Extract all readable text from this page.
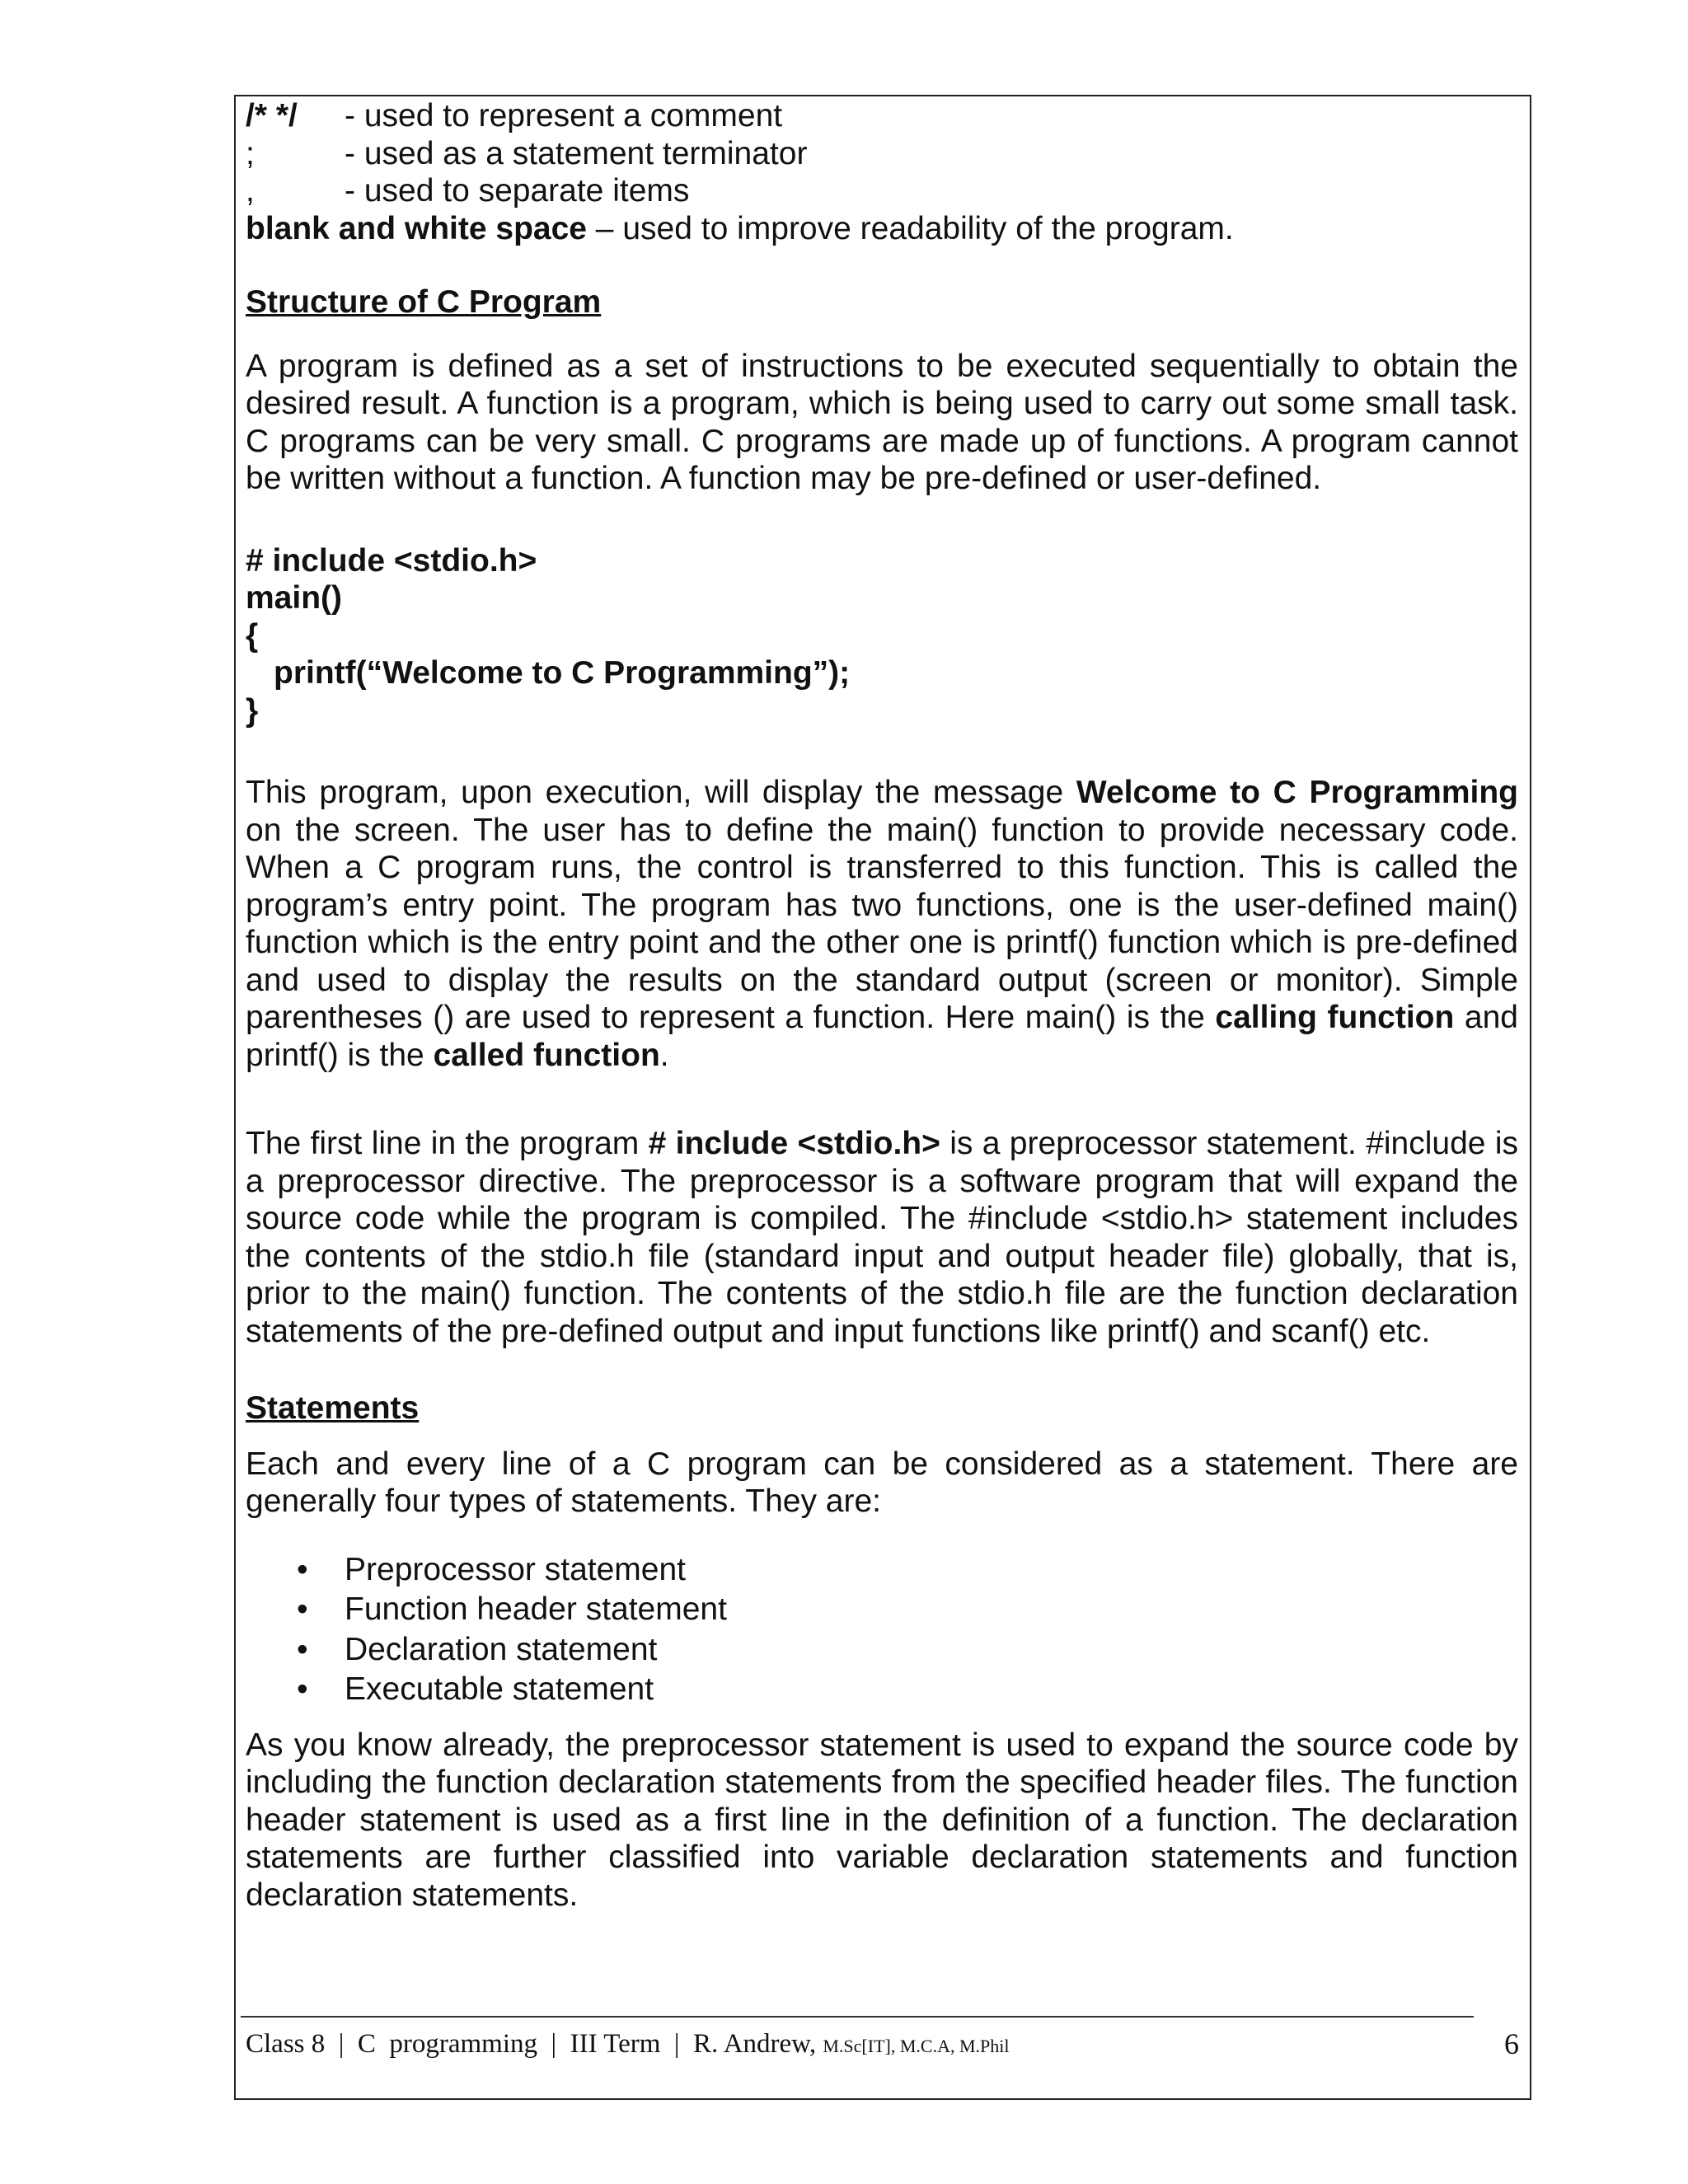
/* */	- used to represent a comment
;	- used as a statement terminator
,	- used to separate items

blank and white space – used to improve readability of the program.

Structure of C Program

A program is defined as a set of instructions to be executed sequentially to obtain the desired result. A function is a program, which is being used to carry out some small task. C programs can be very small. C programs are made up of functions. A program cannot be written without a function. A function may be pre-defined or user-defined.

# include <stdio.h>
main()
{
printf(“Welcome to C Programming”);
}

This program, upon execution, will display the message Welcome to C Programming on the screen. The user has to define the main() function to provide necessary code. When a C program runs, the control is transferred to this function. This is called the program’s entry point. The program has two functions, one is the user-defined main() function which is the entry point and the other one is printf() function which is pre-defined and used to display the results on the standard output (screen or monitor). Simple parentheses () are used to represent a function. Here main() is the calling function and printf() is the called function.

The first line in the program # include <stdio.h> is a preprocessor statement. #include is a preprocessor directive. The preprocessor is a software program that will expand the source code while the program is compiled. The #include <stdio.h> statement includes the contents of the stdio.h file (standard input and output header file) globally, that is, prior to the main() function. The contents of the stdio.h file are the function declaration statements of the pre-defined output and input functions like printf() and scanf() etc.

Statements

Each and every line of a C program can be considered as a statement. There are generally four types of statements. They are:

• Preprocessor statement
• Function header statement
• Declaration statement
• Executable statement

As you know already, the preprocessor statement is used to expand the source code by including the function declaration statements from the specified header files. The function header statement is used as a first line in the definition of a function. The declaration statements are further classified into variable declaration statements and function declaration statements.

Class 8  |  C  programming  |  III Term  |  R. Andrew, M.Sc[IT], M.C.A, M.Phil	6
